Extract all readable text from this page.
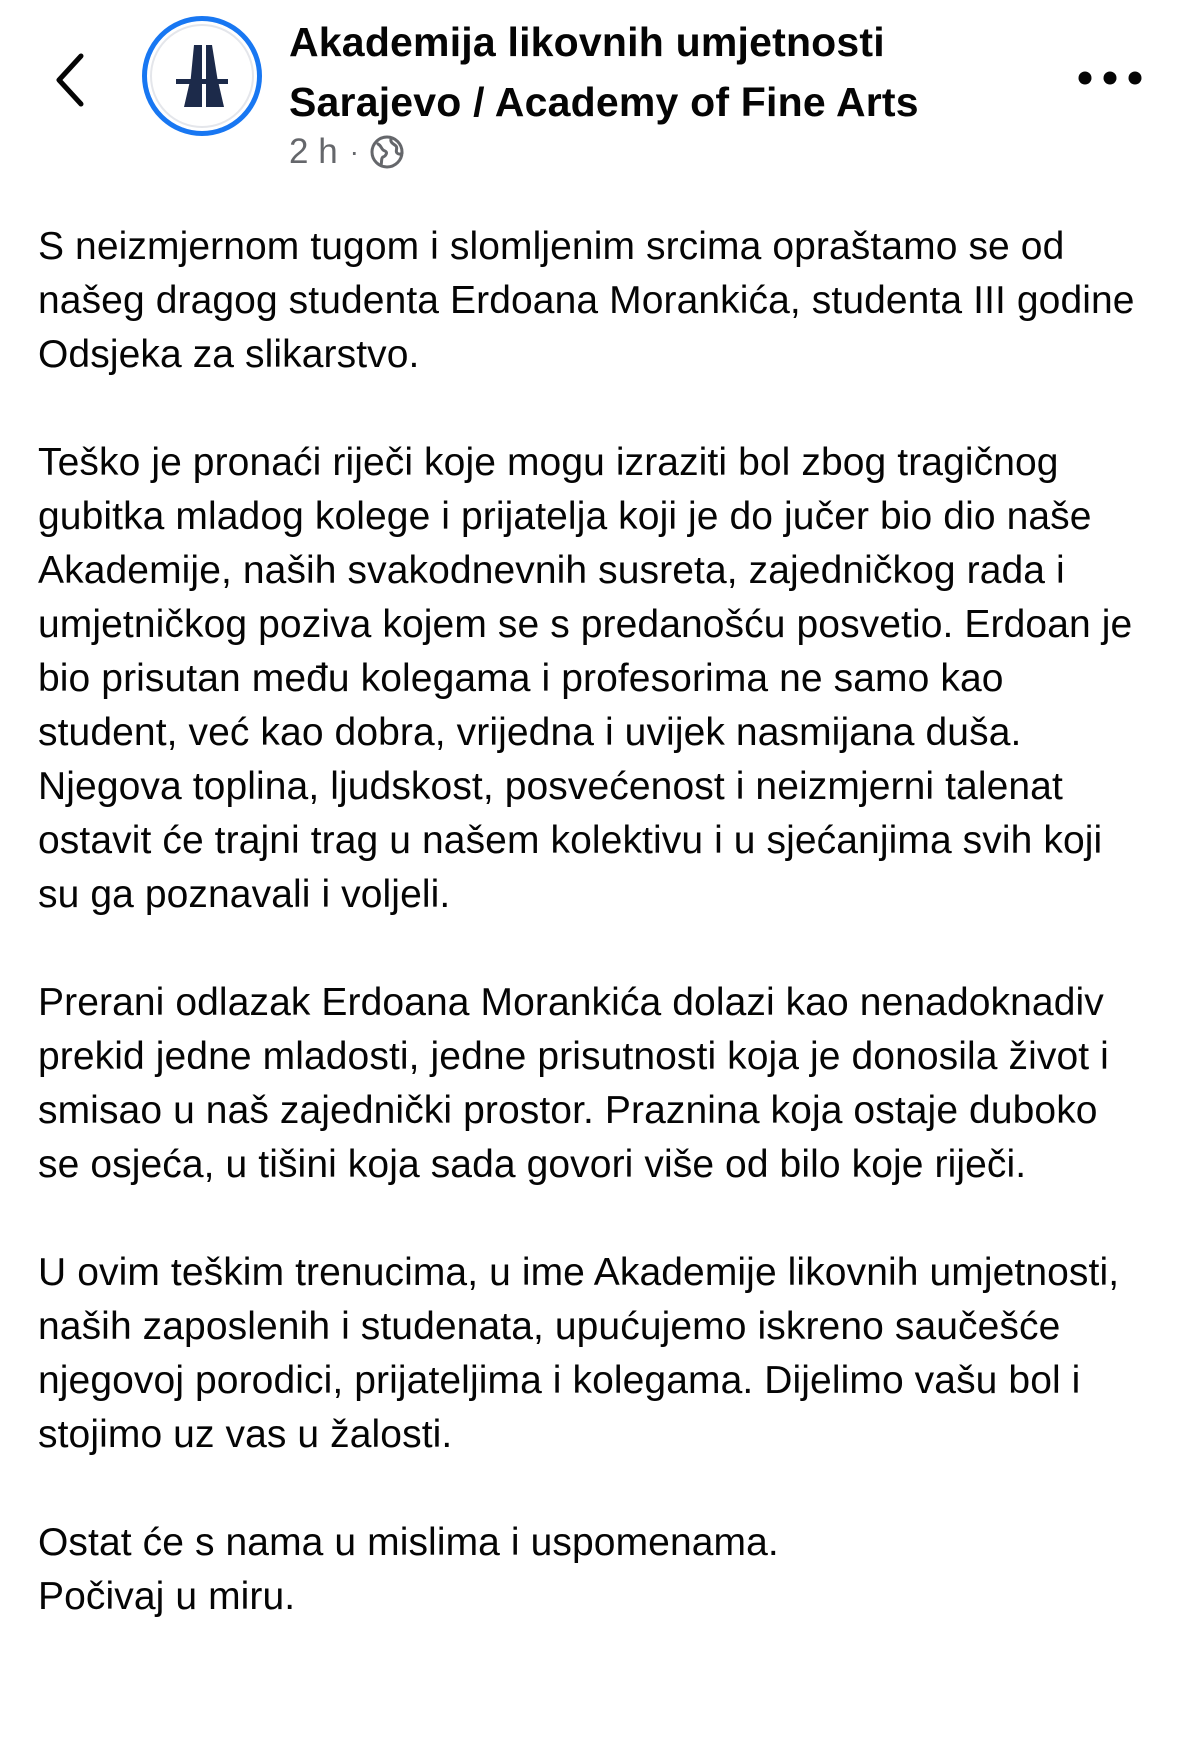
Akademija likovnih umjetnosti Sarajevo / Academy of Fine Arts
2 h ·

S neizmjernom tugom i slomljenim srcima opraštamo se od našeg dragog studenta Erdoana Morankića, studenta III godine Odsjeka za slikarstvo.

Teško je pronaći riječi koje mogu izraziti bol zbog tragičnog gubitka mladog kolege i prijatelja koji je do jučer bio dio naše Akademije, naših svakodnevnih susreta, zajedničkog rada i umjetničkog poziva kojem se s predanošću posvetio. Erdoan je bio prisutan među kolegama i profesorima ne samo kao student, već kao dobra, vrijedna i uvijek nasmijana duša. Njegova toplina, ljudskost, posvećenost i neizmjerni talenat ostavit će trajni trag u našem kolektivu i u sjećanjima svih koji su ga poznavali i voljeli.

Prerani odlazak Erdoana Morankića dolazi kao nenadoknadiv prekid jedne mladosti, jedne prisutnosti koja je donosila život i smisao u naš zajednički prostor. Praznina koja ostaje duboko se osjeća, u tišini koja sada govori više od bilo koje riječi.

U ovim teškim trenucima, u ime Akademije likovnih umjetnosti, naših zaposlenih i studenata, upućujemo iskreno saučešće njegovoj porodici, prijateljima i kolegama. Dijelimo vašu bol i stojimo uz vas u žalosti.

Ostat će s nama u mislima i uspomenama.
Počivaj u miru.
